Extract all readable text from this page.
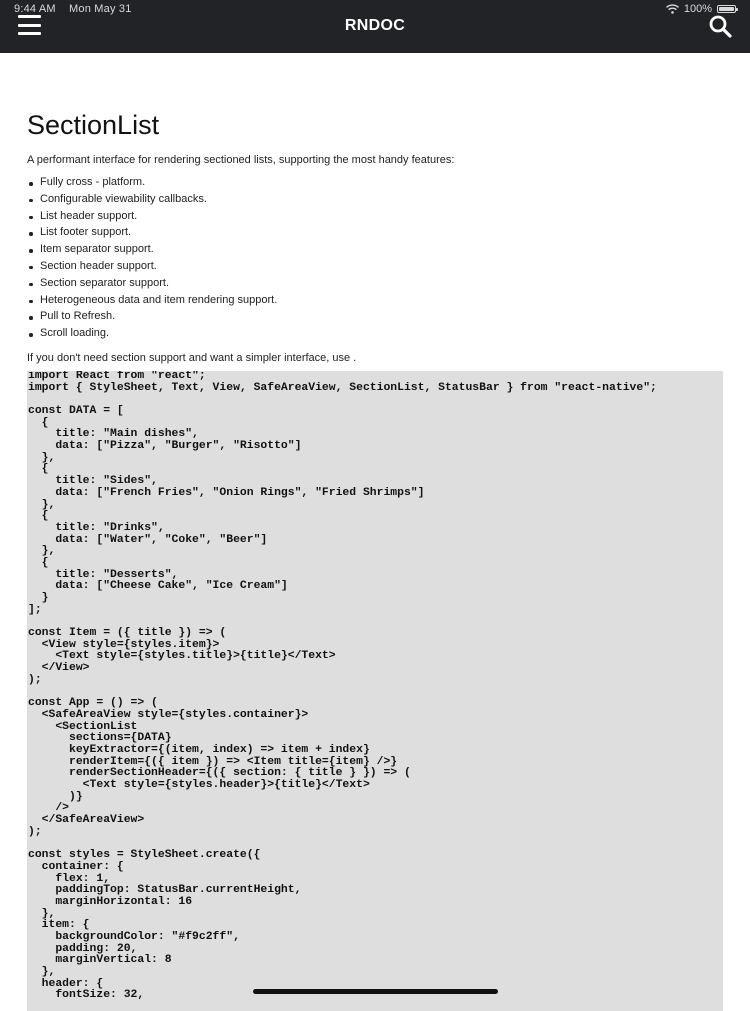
9:44 AM Mon May 31	100%
RNDOC
SectionList

A performant interface for rendering sectioned lists, supporting the most handy features:

Fully cross - platform.
Configurable viewability callbacks.
List header support.
List footer support.
Item separator support.
Section header support.
Section separator support.
Heterogeneous data and item rendering support.
Pull to Refresh.
Scroll loading.

If you don't need section support and want a simpler interface, use .

import React from "react";
import { StyleSheet, Text, View, SafeAreaView, SectionList, StatusBar } from "react-native";
const DATA = [
{
title: "Main dishes",
data: ["Pizza", "Burger", "Risotto"]
},
{
title: "Sides",
data: ["French Fries", "Onion Rings", "Fried Shrimps"]
},
{
title: "Drinks",
data: ["Water", "Coke", "Beer"]
},
{
title: "Desserts",
data: ["Cheese Cake", "Ice Cream"]
}
];
const Item = ({ title }) => (
<View style={styles.item}>
<Text style={styles.title}>{title}</Text>
</View>
);
const App = () => (
<SafeAreaView style={styles.container}>
<SectionList
sections={DATA}
keyExtractor={(item, index) => item + index}
renderItem={({ item }) => <Item title={item} />}
renderSectionHeader={({ section: { title } }) => (
<Text style={styles.header}>{title}</Text>
)}
/>
</SafeAreaView>
);
const styles = StyleSheet.create({
container: {
flex: 1,
paddingTop: StatusBar.currentHeight,
marginHorizontal: 16
},
item: {
backgroundColor: "#f9c2ff",
padding: 20,
marginVertical: 8
},
header: {
fontSize: 32,
